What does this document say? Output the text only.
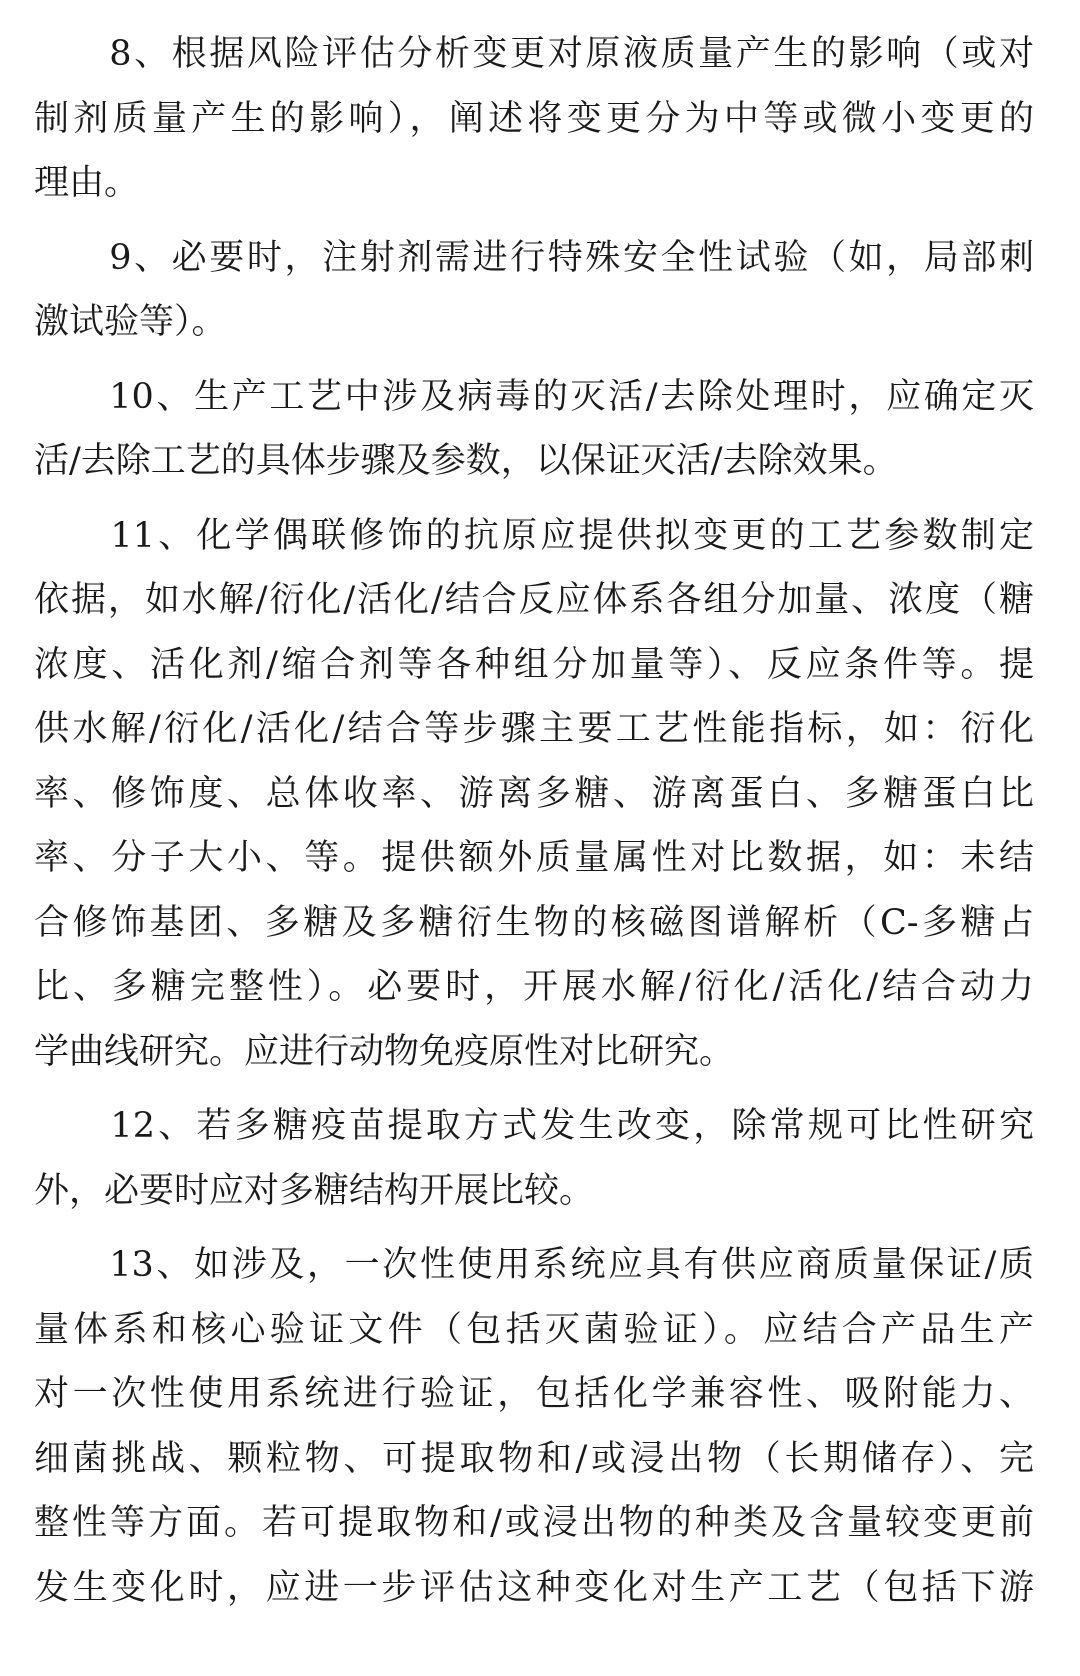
　　8、根据风险评估分析变更对原液质量产生的影响（或对
制剂质量产生的影响），阐述将变更分为中等或微小变更的
理由。
　　9、必要时，注射剂需进行特殊安全性试验（如，局部刺
激试验等）。
　　10、生产工艺中涉及病毒的灭活/去除处理时，应确定灭
活/去除工艺的具体步骤及参数，以保证灭活/去除效果。
　　11、化学偶联修饰的抗原应提供拟变更的工艺参数制定
依据，如水解/衍化/活化/结合反应体系各组分加量、浓度（糖
浓度、活化剂/缩合剂等各种组分加量等）、反应条件等。提
供水解/衍化/活化/结合等步骤主要工艺性能指标，如：衍化
率、修饰度、总体收率、游离多糖、游离蛋白、多糖蛋白比
率、分子大小、等。提供额外质量属性对比数据，如：未结
合修饰基团、多糖及多糖衍生物的核磁图谱解析（C-多糖占
比、多糖完整性）。必要时，开展水解/衍化/活化/结合动力
学曲线研究。应进行动物免疫原性对比研究。
　　12、若多糖疫苗提取方式发生改变，除常规可比性研究
外，必要时应对多糖结构开展比较。
　　13、如涉及，一次性使用系统应具有供应商质量保证/质
量体系和核心验证文件（包括灭菌验证）。应结合产品生产
对一次性使用系统进行验证，包括化学兼容性、吸附能力、
细菌挑战、颗粒物、可提取物和/或浸出物（长期储存）、完
整性等方面。若可提取物和/或浸出物的种类及含量较变更前
发生变化时，应进一步评估这种变化对生产工艺（包括下游
